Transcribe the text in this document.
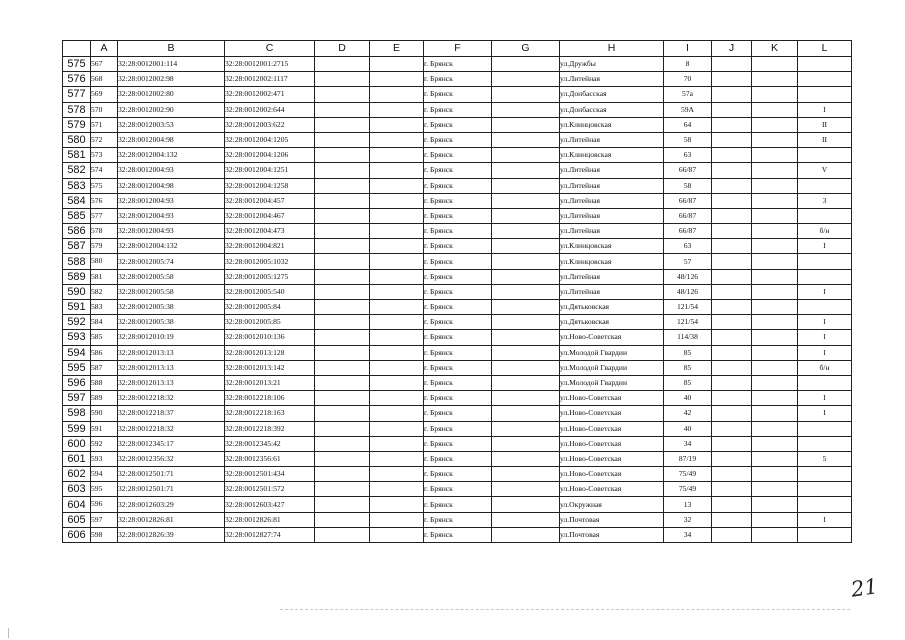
	A	B	C	D	E	F	G	H	I	J	K	L
575	567	32:28:0012001:114	32:28:0012001:2715			г. Брянск		ул.Дружбы	8			
576	568	32:28:0012002:98	32:28:0012002:1117			г. Брянск		ул.Литейная	70			
577	569	32:28:0012002:80	32:28:0012002:471			г. Брянск		ул.Донбасская	57а			
578	570	32:28:0012002:90	32:28:0012002:644			г. Брянск		ул.Донбасская	59А			I
579	571	32:28:0012003:53	32:28:0012003:622			г. Брянск		ул.Клинцовская	64			II
580	572	32:28:0012004:98	32:28:0012004:1205			г. Брянск		ул.Литейная	58			II
581	573	32:28:0012004:132	32:28:0012004:1206			г. Брянск		ул.Клинцовская	63			
582	574	32:28:0012004:93	32:28:0012004:1251			г. Брянск		ул.Литейная	66/87			V
583	575	32:28:0012004:98	32:28:0012004:1258			г. Брянск		ул.Литейная	58			
584	576	32:28:0012004:93	32:28:0012004:457			г. Брянск		ул.Литейная	66/87			3
585	577	32:28:0012004:93	32:28:0012004:467			г. Брянск		ул.Литейная	66/87			
586	578	32:28:0012004:93	32:28:0012004:473			г. Брянск		ул.Литейная	66/87			б/н
587	579	32:28:0012004:132	32:28:0012004:821			г. Брянск		ул.Клинцовская	63			I
588	580	32:28:0012005:74	32:28:0012005:1032			г. Брянск		ул.Клинцовская	57			
589	581	32:28:0012005:58	32:28:0012005:1275			г. Брянск		ул.Литейная	48/126			
590	582	32:28:0012005:58	32:28:0012005:540			г. Брянск		ул.Литейная	48/126			I
591	583	32:28:0012005:38	32:28:0012005:84			г. Брянск		ул.Дятьковская	121/54			
592	584	32:28:0012005:38	32:28:0012005:85			г. Брянск		ул.Дятьковская	121/54			I
593	585	32:28:0012010:19	32:28:0012010:136			г. Брянск		ул.Ново-Советская	114/38			I
594	586	32:28:0012013:13	32:28:0012013:128			г. Брянск		ул.Молодой Гвардии	85			I
595	587	32:28:0012013:13	32:28:0012013:142			г. Брянск		ул.Молодой Гвардии	85			б/н
596	588	32:28:0012013:13	32:28:0012013:21			г. Брянск		ул.Молодой Гвардии	85			
597	589	32:28:0012218:32	32:28:0012218:106			г. Брянск		ул.Ново-Советская	40			I
598	590	32:28:0012218:37	32:28:0012218:163			г. Брянск		ул.Ново-Советская	42			I
599	591	32:28:0012218:32	32:28:0012218:392			г. Брянск		ул.Ново-Советская	40			
600	592	32:28:0012345:17	32:28:0012345:42			г. Брянск		ул.Ново-Советская	34			
601	593	32:28:0012356:32	32:28:0012356:61			г. Брянск		ул.Ново-Советская	87/19			5
602	594	32:28:0012501:71	32:28:0012501:434			г. Брянск		ул.Ново-Советская	75/49			
603	595	32:28:0012501:71	32:28:0012501:572			г. Брянск		ул.Ново-Советская	75/49			
604	596	32:28:0012603:29	32:28:0012603:427			г. Брянск		ул.Окружная	13			
605	597	32:28:0012826:81	32:28:0012826:81			г. Брянск		ул.Почтовая	32			I
606	598	32:28:0012826:39	32:28:0012827:74			г. Брянск		ул.Почтовая	34			
21
